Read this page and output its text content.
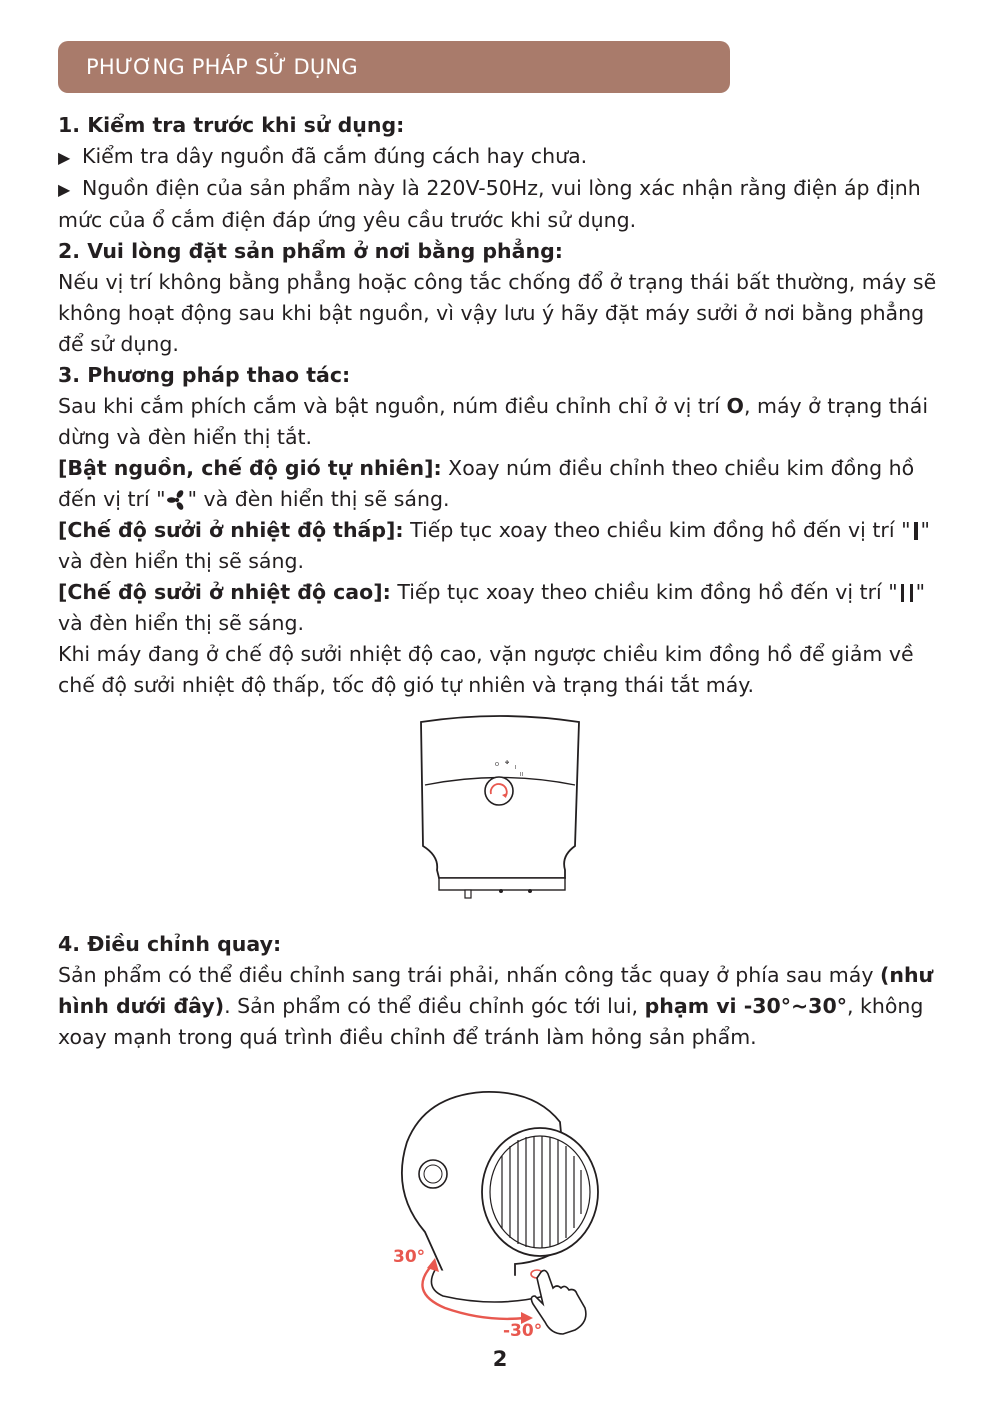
PHƯƠNG PHÁP SỬ DỤNG

1. Kiểm tra trước khi sử dụng:

▶ Kiểm tra dây nguồn đã cắm đúng cách hay chưa.

▶ Nguồn điện của sản phẩm này là 220V-50Hz, vui lòng xác nhận rằng điện áp định mức của ổ cắm điện đáp ứng yêu cầu trước khi sử dụng.

2. Vui lòng đặt sản phẩm ở nơi bằng phẳng:

Nếu vị trí không bằng phẳng hoặc công tắc chống đổ ở trạng thái bất thường, máy sẽ không hoạt động sau khi bật nguồn, vì vậy lưu ý hãy đặt máy sưởi ở nơi bằng phẳng để sử dụng.

3. Phương pháp thao tác:

Sau khi cắm phích cắm và bật nguồn, núm điều chỉnh chỉ ở vị trí O, máy ở trạng thái dừng và đèn hiển thị tắt.

[Bật nguồn, chế độ gió tự nhiên]: Xoay núm điều chỉnh theo chiều kim đồng hồ đến vị trí " " và đèn hiển thị sẽ sáng.

[Chế độ sưởi ở nhiệt độ thấp]: Tiếp tục xoay theo chiều kim đồng hồ đến vị trí " " và đèn hiển thị sẽ sáng.

[Chế độ sưởi ở nhiệt độ cao]: Tiếp tục xoay theo chiều kim đồng hồ đến vị trí " " và đèn hiển thị sẽ sáng.

Khi máy đang ở chế độ sưởi nhiệt độ cao, vặn ngược chiều kim đồng hồ để giảm về chế độ sưởi nhiệt độ thấp, tốc độ gió tự nhiên và trạng thái tắt máy.

O ✤
I
II

4. Điều chỉnh quay:

Sản phẩm có thể điều chỉnh sang trái phải, nhấn công tắc quay ở phía sau máy (như hình dưới đây). Sản phẩm có thể điều chỉnh góc tới lui, phạm vi -30°~30°, không xoay mạnh trong quá trình điều chỉnh để tránh làm hỏng sản phẩm.

30°
-30°
2
